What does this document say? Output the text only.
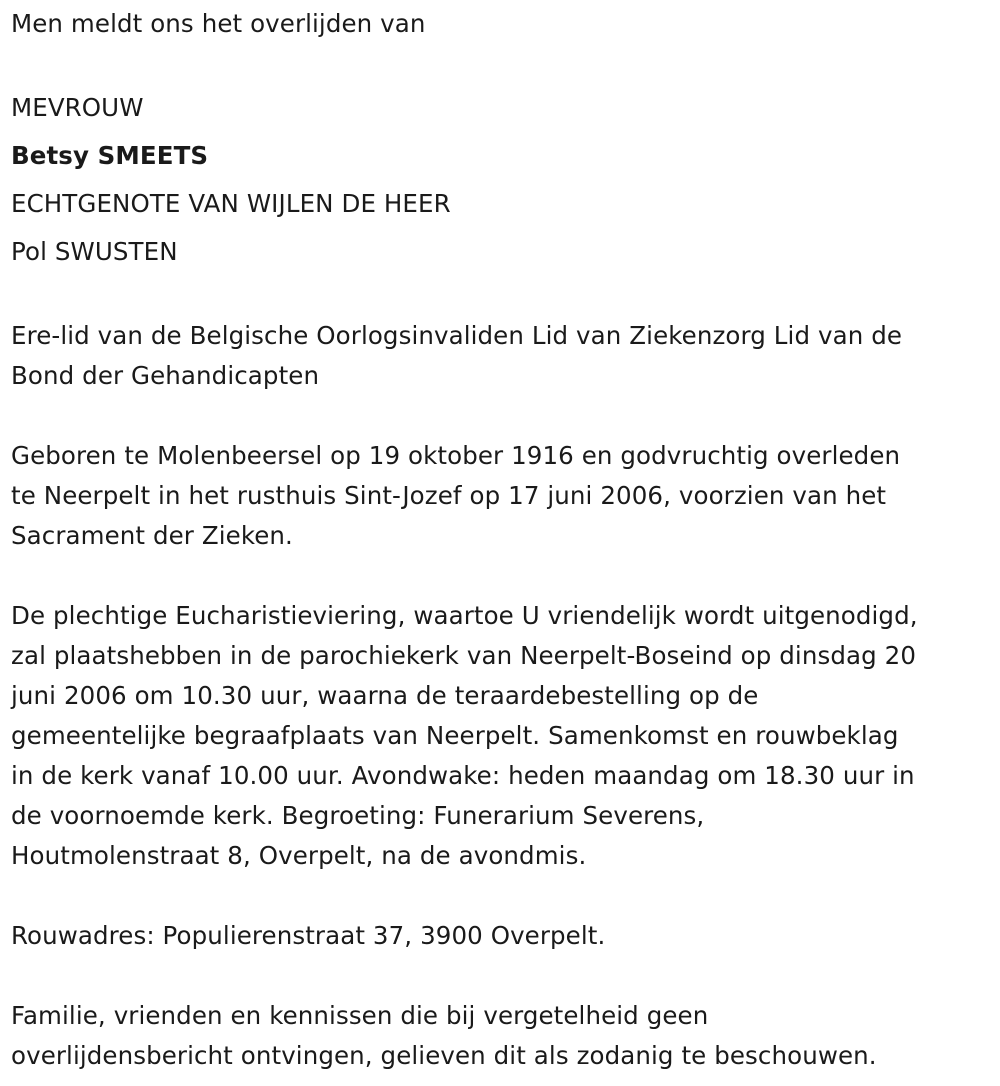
Men meldt ons het overlijden van

MEVROUW

Betsy SMEETS

ECHTGENOTE VAN WIJLEN DE HEER

Pol SWUSTEN

Ere-lid van de Belgische Oorlogsinvaliden Lid van Ziekenzorg Lid van de

Bond der Gehandicapten

Geboren te Molenbeersel op 19 oktober 1916 en godvruchtig overleden

te Neerpelt in het rusthuis Sint-Jozef op 17 juni 2006, voorzien van het

Sacrament der Zieken.

De plechtige Eucharistieviering, waartoe U vriendelijk wordt uitgenodigd,

zal plaatshebben in de parochiekerk van Neerpelt-Boseind op dinsdag 20

juni 2006 om 10.30 uur, waarna de teraardebestelling op de

gemeentelijke begraafplaats van Neerpelt. Samenkomst en rouwbeklag

in de kerk vanaf 10.00 uur. Avondwake: heden maandag om 18.30 uur in

de voornoemde kerk. Begroeting: Funerarium Severens,

Houtmolenstraat 8, Overpelt, na de avondmis.

Rouwadres: Populierenstraat 37, 3900 Overpelt.

Familie, vrienden en kennissen die bij vergetelheid geen

overlijdensbericht ontvingen, gelieven dit als zodanig te beschouwen.
